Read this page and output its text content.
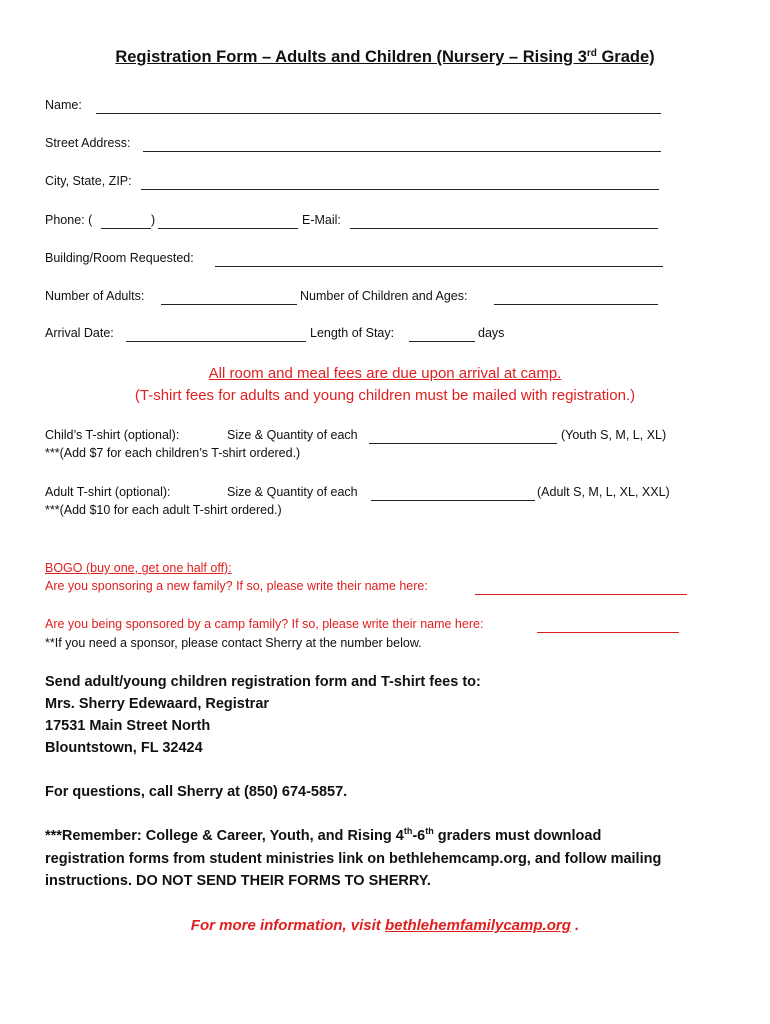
Registration Form – Adults and Children (Nursery – Rising 3rd Grade)
Name:
Street Address:
City, State, ZIP:
Phone: (	)	E-Mail:
Building/Room Requested:
Number of Adults:	Number of Children and Ages:
Arrival Date:	Length of Stay:	days
All room and meal fees are due upon arrival at camp.
(T-shirt fees for adults and young children must be mailed with registration.)
Child’s T-shirt (optional):	Size & Quantity of each	(Youth S, M, L, XL)
***(Add $7 for each children’s T-shirt ordered.)
Adult T-shirt (optional):	Size & Quantity of each	(Adult S, M, L, XL, XXL)
***(Add $10 for each adult T-shirt ordered.)
BOGO (buy one, get one half off):
Are you sponsoring a new family? If so, please write their name here:
Are you being sponsored by a camp family? If so, please write their name here:
**If you need a sponsor, please contact Sherry at the number below.
Send adult/young children registration form and T-shirt fees to:
Mrs. Sherry Edewaard, Registrar
17531 Main Street North
Blountstown, FL 32424
For questions, call Sherry at (850) 674-5857.
***Remember: College & Career, Youth, and Rising 4th-6th graders must download
registration forms from student ministries link on bethlehemcamp.org, and follow mailing
instructions. DO NOT SEND THEIR FORMS TO SHERRY.
For more information, visit bethlehemfamilycamp.org .
